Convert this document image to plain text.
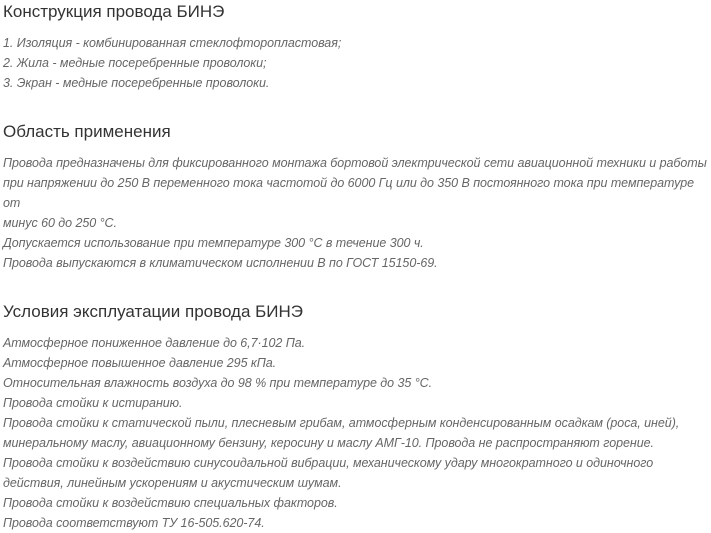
Конструкция провода БИНЭ
1. Изоляция - комбинированная стеклофторопластовая;
2. Жила - медные посеребренные проволоки;
3. Экран - медные посеребренные проволоки.
Область применения
Провода предназначены для фиксированного монтажа бортовой электрической сети авиационной техники и работы
при напряжении до 250 В переменного тока частотой до 6000 Гц или до 350 В постоянного тока при температуре от
минус 60 до 250 °С.
Допускается использование при температуре 300 °С в течение 300 ч.
Провода выпускаются в климатическом исполнении В по ГОСТ 15150-69.
Условия эксплуатации провода БИНЭ
Атмосферное пониженное давление до 6,7·102 Па.
Атмосферное повышенное давление 295 кПа.
Относительная влажность воздуха до 98 % при температуре до 35 °С.
Провода стойки к истиранию.
Провода стойки к статической пыли, плесневым грибам, атмосферным конденсированным осадкам (роса, иней),
минеральному маслу, авиационному бензину, керосину и маслу АМГ-10. Провода не распространяют горение.
Провода стойки к воздействию синусоидальной вибрации, механическому удару многократного и одиночного
действия, линейным ускорениям и акустическим шумам.
Провода стойки к воздействию специальных факторов.
Провода соответствуют ТУ 16-505.620-74.
